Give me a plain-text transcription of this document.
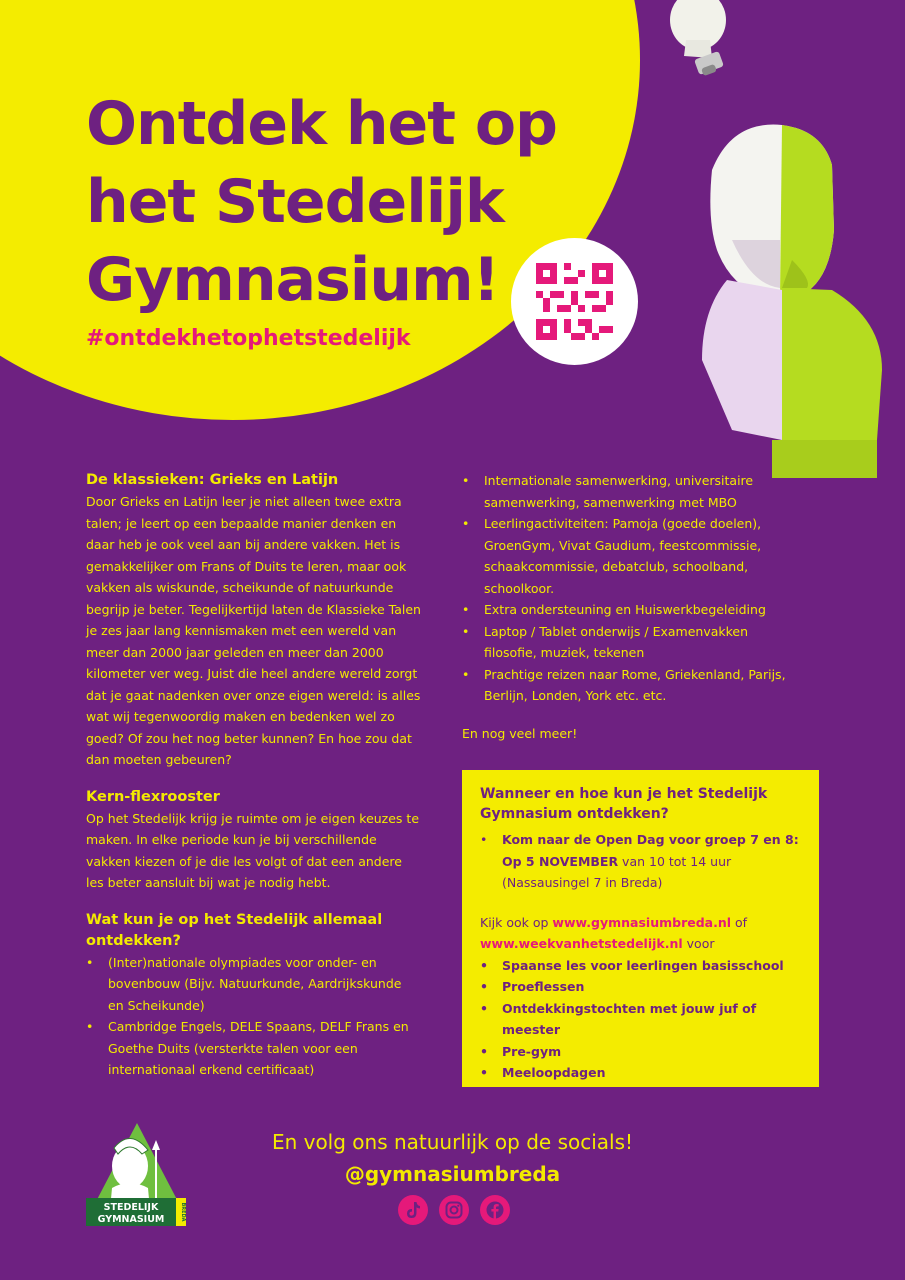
Ontdek het op
het Stedelijk
Gymnasium!
#ontdekhetophetstedelijk
De klassieken: Grieks en Latijn

Door Grieks en Latijn leer je niet alleen twee extra talen; je leert op een bepaalde manier denken en daar heb je ook veel aan bij andere vakken. Het is gemakkelijker om Frans of Duits te leren, maar ook vakken als wiskunde, scheikunde of natuurkunde begrijp je beter. Tegelijkertijd laten de Klassieke Talen je zes jaar lang kennismaken met een wereld van meer dan 2000 jaar geleden en meer dan 2000 kilometer ver weg. Juist die heel andere wereld zorgt dat je gaat nadenken over onze eigen wereld: is alles wat wij tegenwoordig maken en bedenken wel zo goed? Of zou het nog beter kunnen? En hoe zou dat dan moeten gebeuren?

Kern-flexrooster

Op het Stedelijk krijg je ruimte om je eigen keuzes te maken. In elke periode kun je bij verschillende vakken kiezen of je die les volgt of dat een andere les beter aansluit bij wat je nodig hebt.

Wat kun je op het Stedelijk allemaal ontdekken?
• (Inter)nationale olympiades voor onder- en bovenbouw (Bijv. Natuurkunde, Aardrijkskunde en Scheikunde)
• Cambridge Engels, DELE Spaans, DELF Frans en Goethe Duits (versterkte talen voor een internationaal erkend certificaat)
• Internationale samenwerking, universitaire samenwerking, samenwerking met MBO
• Leerlingactiviteiten: Pamoja (goede doelen), GroenGym, Vivat Gaudium, feestcommissie, schaakcommissie, debatclub, schoolband, schoolkoor.
• Extra ondersteuning en Huiswerkbegeleiding
• Laptop / Tablet onderwijs / Examenvakken filosofie, muziek, tekenen
• Prachtige reizen naar Rome, Griekenland, Parijs, Berlijn, Londen, York etc. etc.

En nog veel meer!

Wanneer en hoe kun je het Stedelijk Gymnasium ontdekken?
• Kom naar de Open Dag voor groep 7 en 8:
Op 5 NOVEMBER van 10 tot 14 uur
(Nassausingel 7 in Breda)
Kijk ook op www.gymnasiumbreda.nl of
www.weekvanhetstedelijk.nl voor
• Spaanse les voor leerlingen basisschool
• Proeflessen
• Ontdekkingstochten met jouw juf of meester
• Pre-gym
• Meeloopdagen
STEDELIJK
GYMNASIUM	BREDA
En volg ons natuurlijk op de socials!
@gymnasiumbreda
